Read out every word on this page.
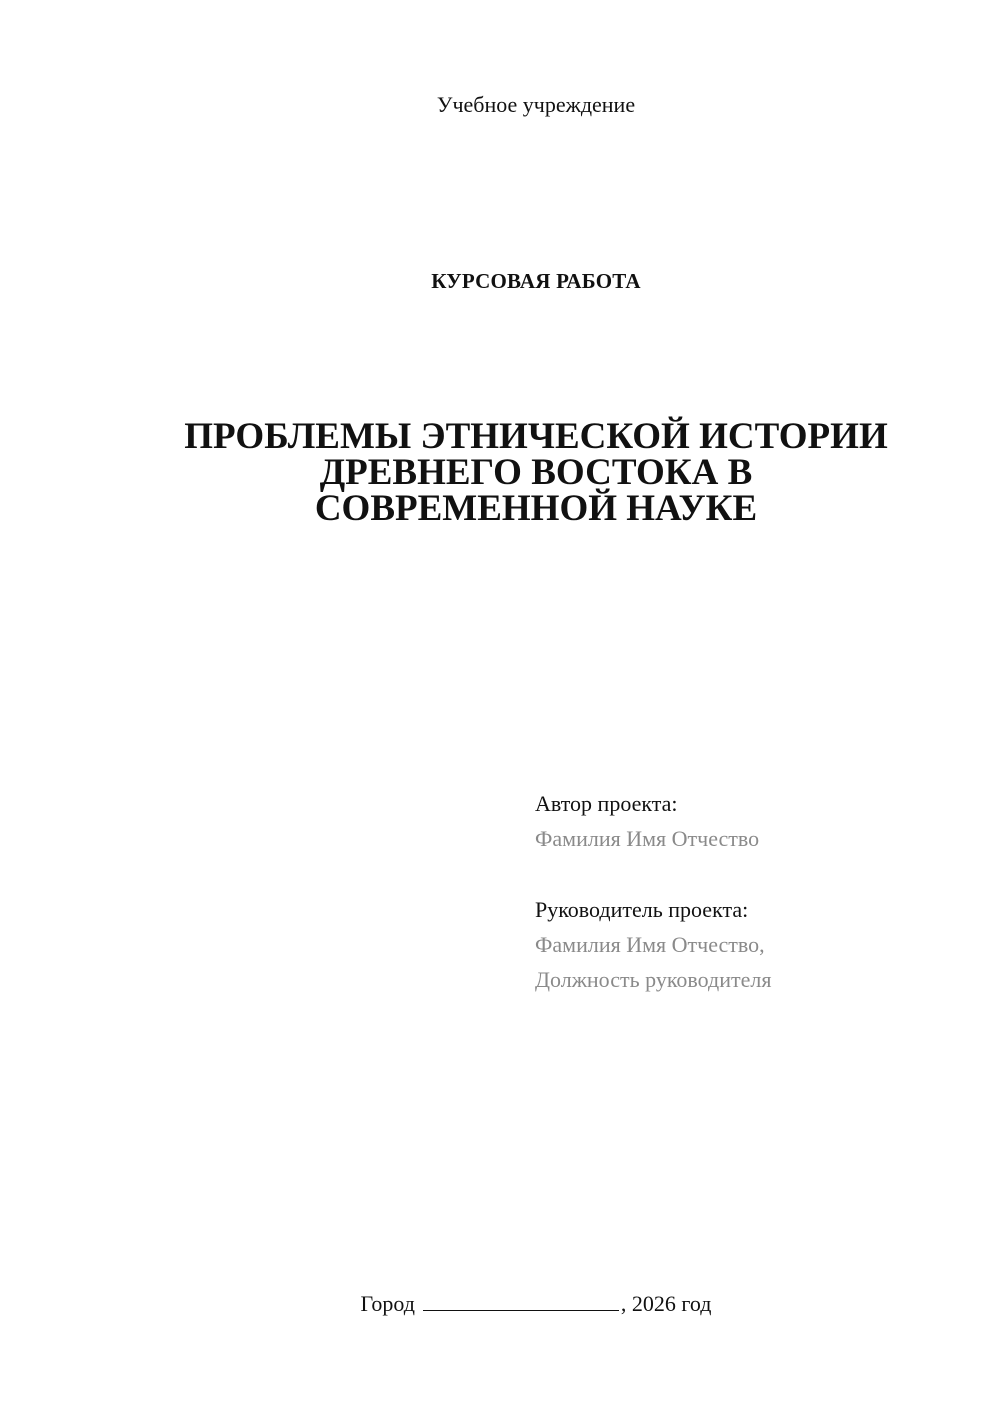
Учебное учреждение
КУРСОВАЯ РАБОТА
ПРОБЛЕМЫ ЭТНИЧЕСКОЙ ИСТОРИИ
ДРЕВНЕГО ВОСТОКА В
СОВРЕМЕННОЙ НАУКЕ
Автор проекта:
Фамилия Имя Отчество
Руководитель проекта:
Фамилия Имя Отчество,
Должность руководителя
Город	, 2026 год
